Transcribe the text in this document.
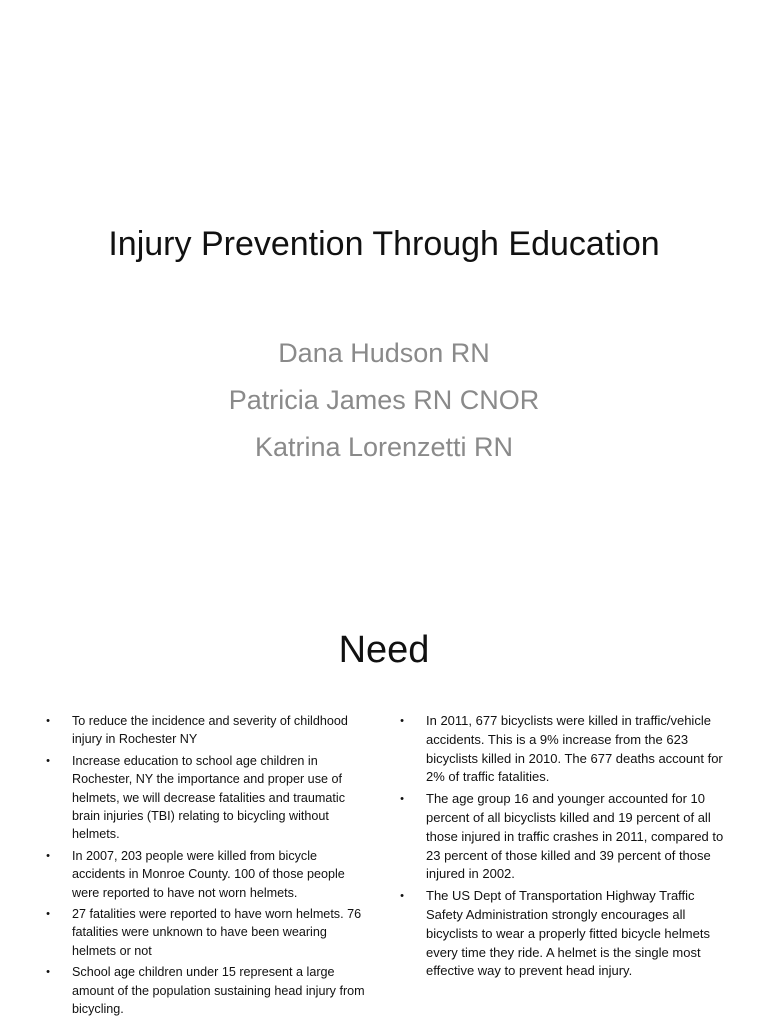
Injury Prevention Through Education
Dana Hudson RN
Patricia James RN CNOR
Katrina Lorenzetti RN
Need
•	To reduce the incidence and severity of childhood injury in Rochester NY
•	Increase education to school age children in Rochester, NY the importance and proper use of helmets, we will decrease fatalities and traumatic brain injuries (TBI) relating to bicycling without helmets.
•	In 2007, 203 people were killed from bicycle accidents in Monroe County. 100 of those people were reported to have not worn helmets.
•	27 fatalities were reported to have worn helmets. 76 fatalities were unknown to have been wearing helmets or not
•	School age children under 15 represent a large amount of the population sustaining head injury from bicycling.
•	In 2011, 677 bicyclists were killed in traffic/vehicle accidents. This is a 9% increase from the 623 bicyclists killed in 2010. The 677 deaths account for 2% of traffic fatalities.
•	The age group 16 and younger accounted for 10 percent of all bicyclists killed and 19 percent of all those injured in traffic crashes in 2011, compared to 23 percent of those killed and 39 percent of those injured in 2002.
•	The US Dept of Transportation Highway Traffic Safety Administration strongly encourages all bicyclists to wear a properly fitted bicycle helmets every time they ride. A helmet is the single most effective way to prevent head injury.
